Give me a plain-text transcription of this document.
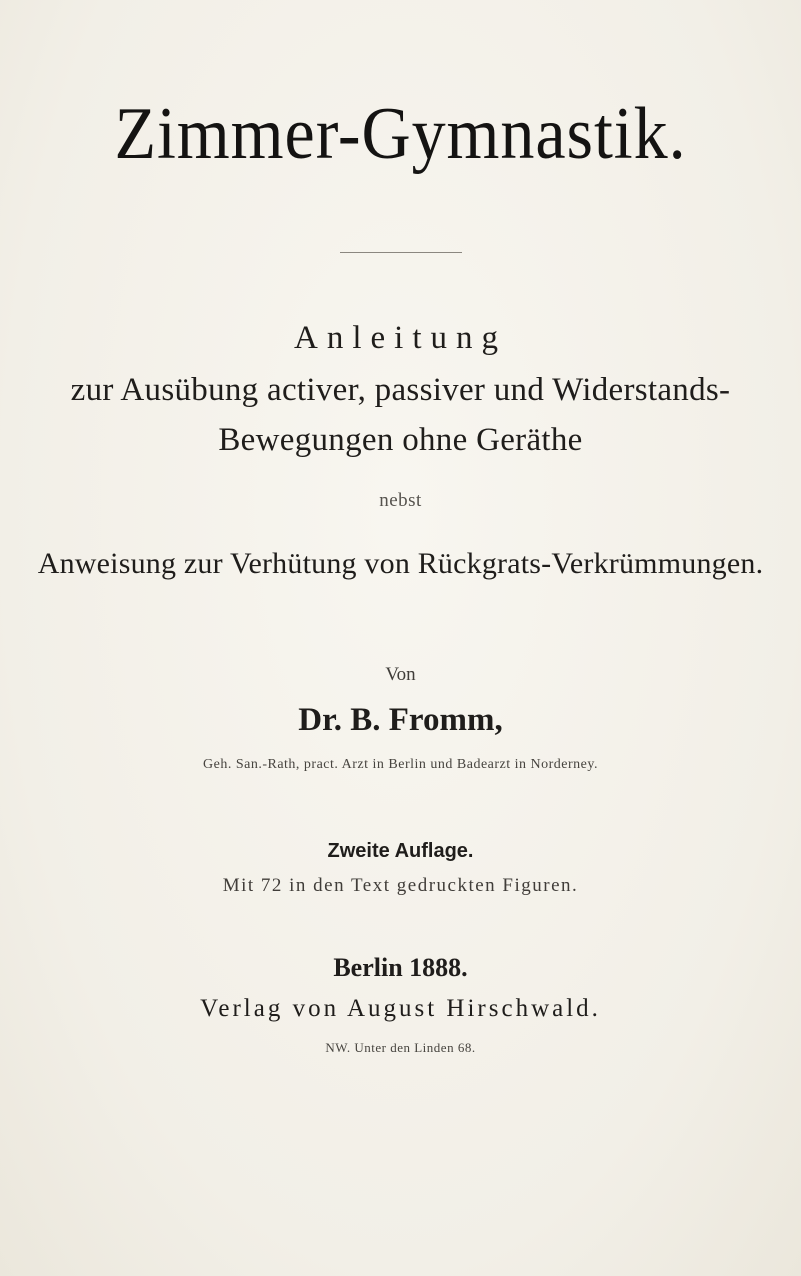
Zimmer-Gymnastik.
Anleitung
zur Ausübung activer, passiver und Widerstands-
Bewegungen ohne Geräthe
nebst
Anweisung zur Verhütung von Rückgrats-Verkrümmungen.
Von
Dr. B. Fromm,
Geh. San.-Rath, pract. Arzt in Berlin und Badearzt in Norderney.
Zweite Auflage.
Mit 72 in den Text gedruckten Figuren.
Berlin 1888.
Verlag von August Hirschwald.
NW. Unter den Linden 68.
